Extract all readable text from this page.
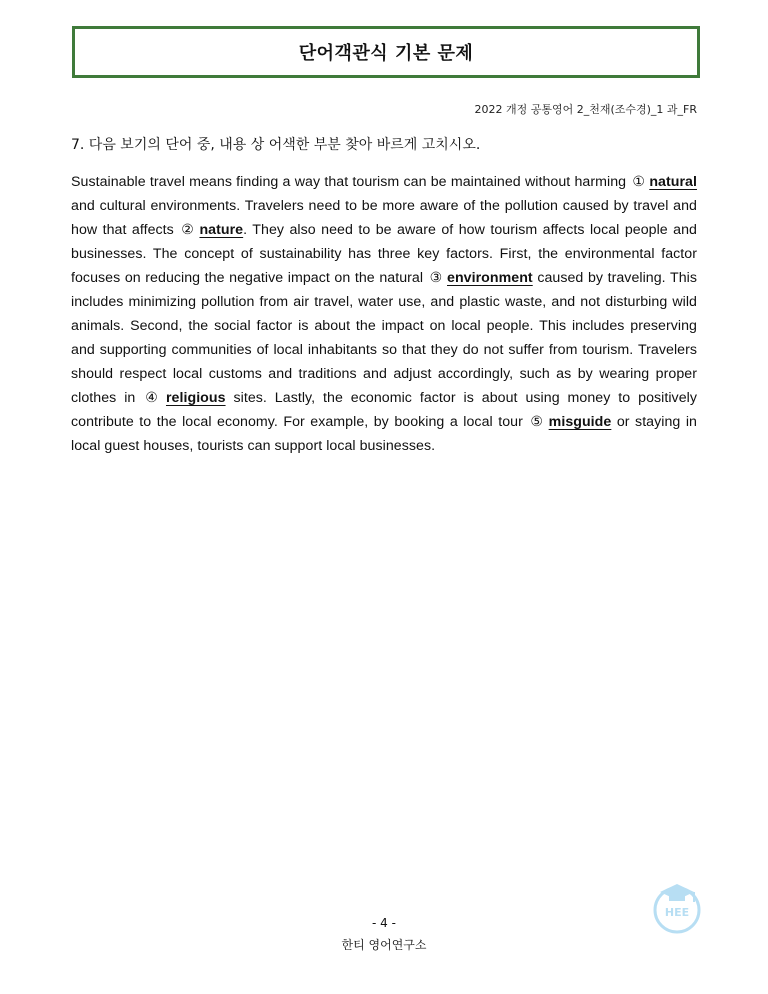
단어객관식 기본 문제
2022 개정 공통영어 2_천재(조수경)_1 과_FR
7. 다음 보기의 단어 중, 내용 상 어색한 부분 찾아 바르게 고치시오.
Sustainable travel means finding a way that tourism can be maintained without harming ① natural and cultural environments. Travelers need to be more aware of the pollution caused by travel and how that affects ② nature. They also need to be aware of how tourism affects local people and businesses. The concept of sustainability has three key factors. First, the environmental factor focuses on reducing the negative impact on the natural ③ environment caused by traveling. This includes minimizing pollution from air travel, water use, and plastic waste, and not disturbing wild animals. Second, the social factor is about the impact on local people. This includes preserving and supporting communities of local inhabitants so that they do not suffer from tourism. Travelers should respect local customs and traditions and adjust accordingly, such as by wearing proper clothes in ④ religious sites. Lastly, the economic factor is about using money to positively contribute to the local economy. For example, by booking a local tour ⑤ misguide or staying in local guest houses, tourists can support local businesses.
- 4 -
한티 영어연구소
HEE
